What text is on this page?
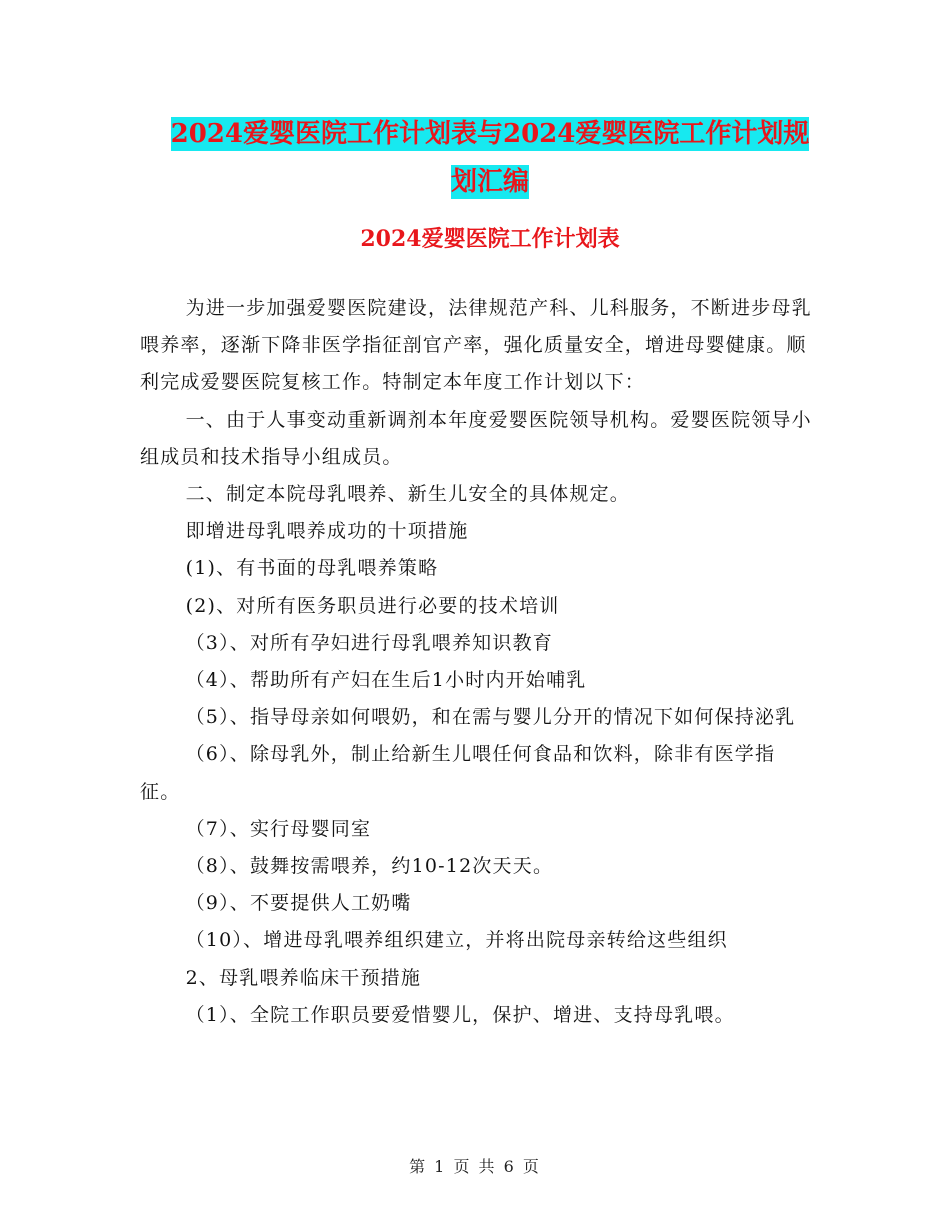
2024爱婴医院工作计划表与2024爱婴医院工作计划规
划汇编
2024爱婴医院工作计划表

为进一步加强爱婴医院建设，法律规范产科、儿科服务，不断进步母乳喂养率，逐渐下降非医学指征剖官产率，强化质量安全，增进母婴健康。顺利完成爱婴医院复核工作。特制定本年度工作计划以下：

一、由于人事变动重新调剂本年度爱婴医院领导机构。爱婴医院领导小组成员和技术指导小组成员。

二、制定本院母乳喂养、新生儿安全的具体规定。

即增进母乳喂养成功的十项措施

(1)、有书面的母乳喂养策略

(2)、对所有医务职员进行必要的技术培训

（3）、对所有孕妇进行母乳喂养知识教育

（4）、帮助所有产妇在生后1小时内开始哺乳

（5）、指导母亲如何喂奶，和在需与婴儿分开的情况下如何保持泌乳

（6）、除母乳外，制止给新生儿喂任何食品和饮料，除非有医学指征。

（7）、实行母婴同室

（8）、鼓舞按需喂养，约10-12次天天。

（9）、不要提供人工奶嘴

（10）、增进母乳喂养组织建立，并将出院母亲转给这些组织

2、母乳喂养临床干预措施

（1）、全院工作职员要爱惜婴儿，保护、增进、支持母乳喂。

第 1 页 共 6 页
